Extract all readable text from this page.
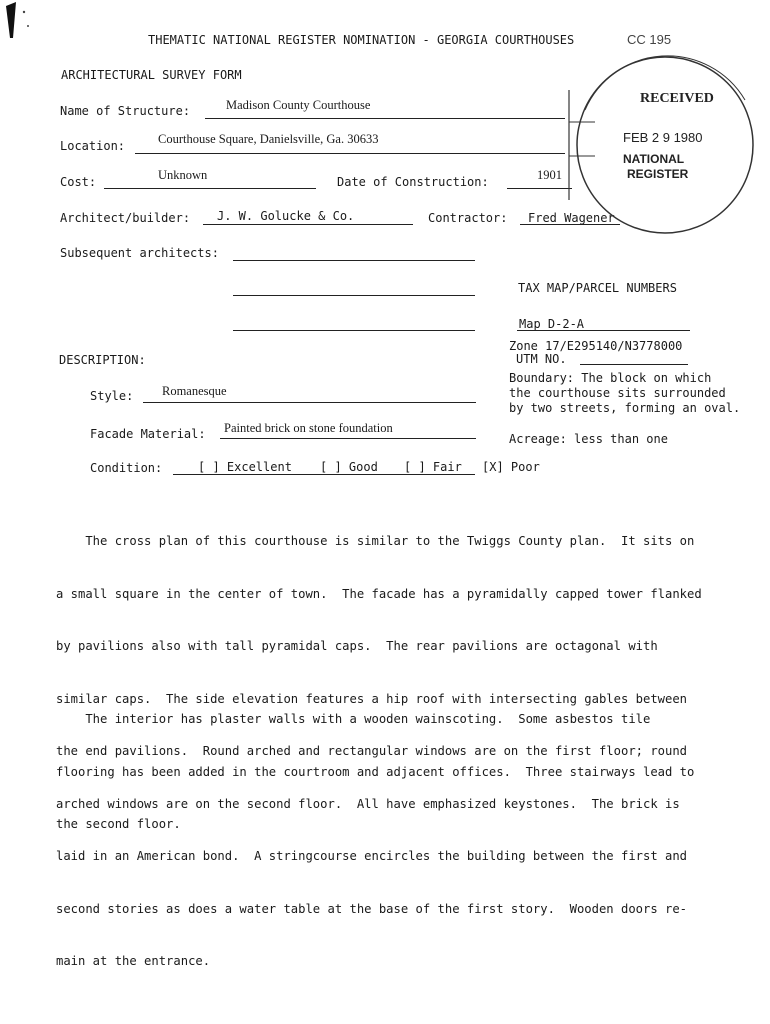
THEMATIC NATIONAL REGISTER NOMINATION - GEORGIA COURTHOUSES
ARCHITECTURAL SURVEY FORM
Name of Structure:	Madison County Courthouse
Location:	Courthouse Square, Danielsville, Ga. 30633
Cost:	Unknown	Date of Construction:	1901
Architect/builder: J. W. Golucke & Co.	Contractor: Fred Wagener
Subsequent architects:
TAX MAP/PARCEL NUMBERS
Map D-2-A
Zone 17/E295140/N3778000
UTM NO.
Boundary: The block on which
the courthouse sits surrounded
by two streets, forming an oval.
Acreage: less than one
DESCRIPTION:
Style: Romanesque
Facade Material: Painted brick on stone foundation
Condition:	[ ] Excellent [ ] Good [ ] Fair [X] Poor

The cross plan of this courthouse is similar to the Twiggs County plan.  It sits on

a small square in the center of town.  The facade has a pyramidally capped tower flanked

by pavilions also with tall pyramidal caps.  The rear pavilions are octagonal with

similar caps.  The side elevation features a hip roof with intersecting gables between

the end pavilions.  Round arched and rectangular windows are on the first floor; round

arched windows are on the second floor.  All have emphasized keystones.  The brick is

laid in an American bond.  A stringcourse encircles the building between the first and

second stories as does a water table at the base of the first story.  Wooden doors re-

main at the entrance.

The interior has plaster walls with a wooden wainscoting.  Some asbestos tile

flooring has been added in the courtroom and adjacent offices.  Three stairways lead to

the second floor.

CC 195
RECEIVED
FEB 2 9 1980
NATIONAL
REGISTER
